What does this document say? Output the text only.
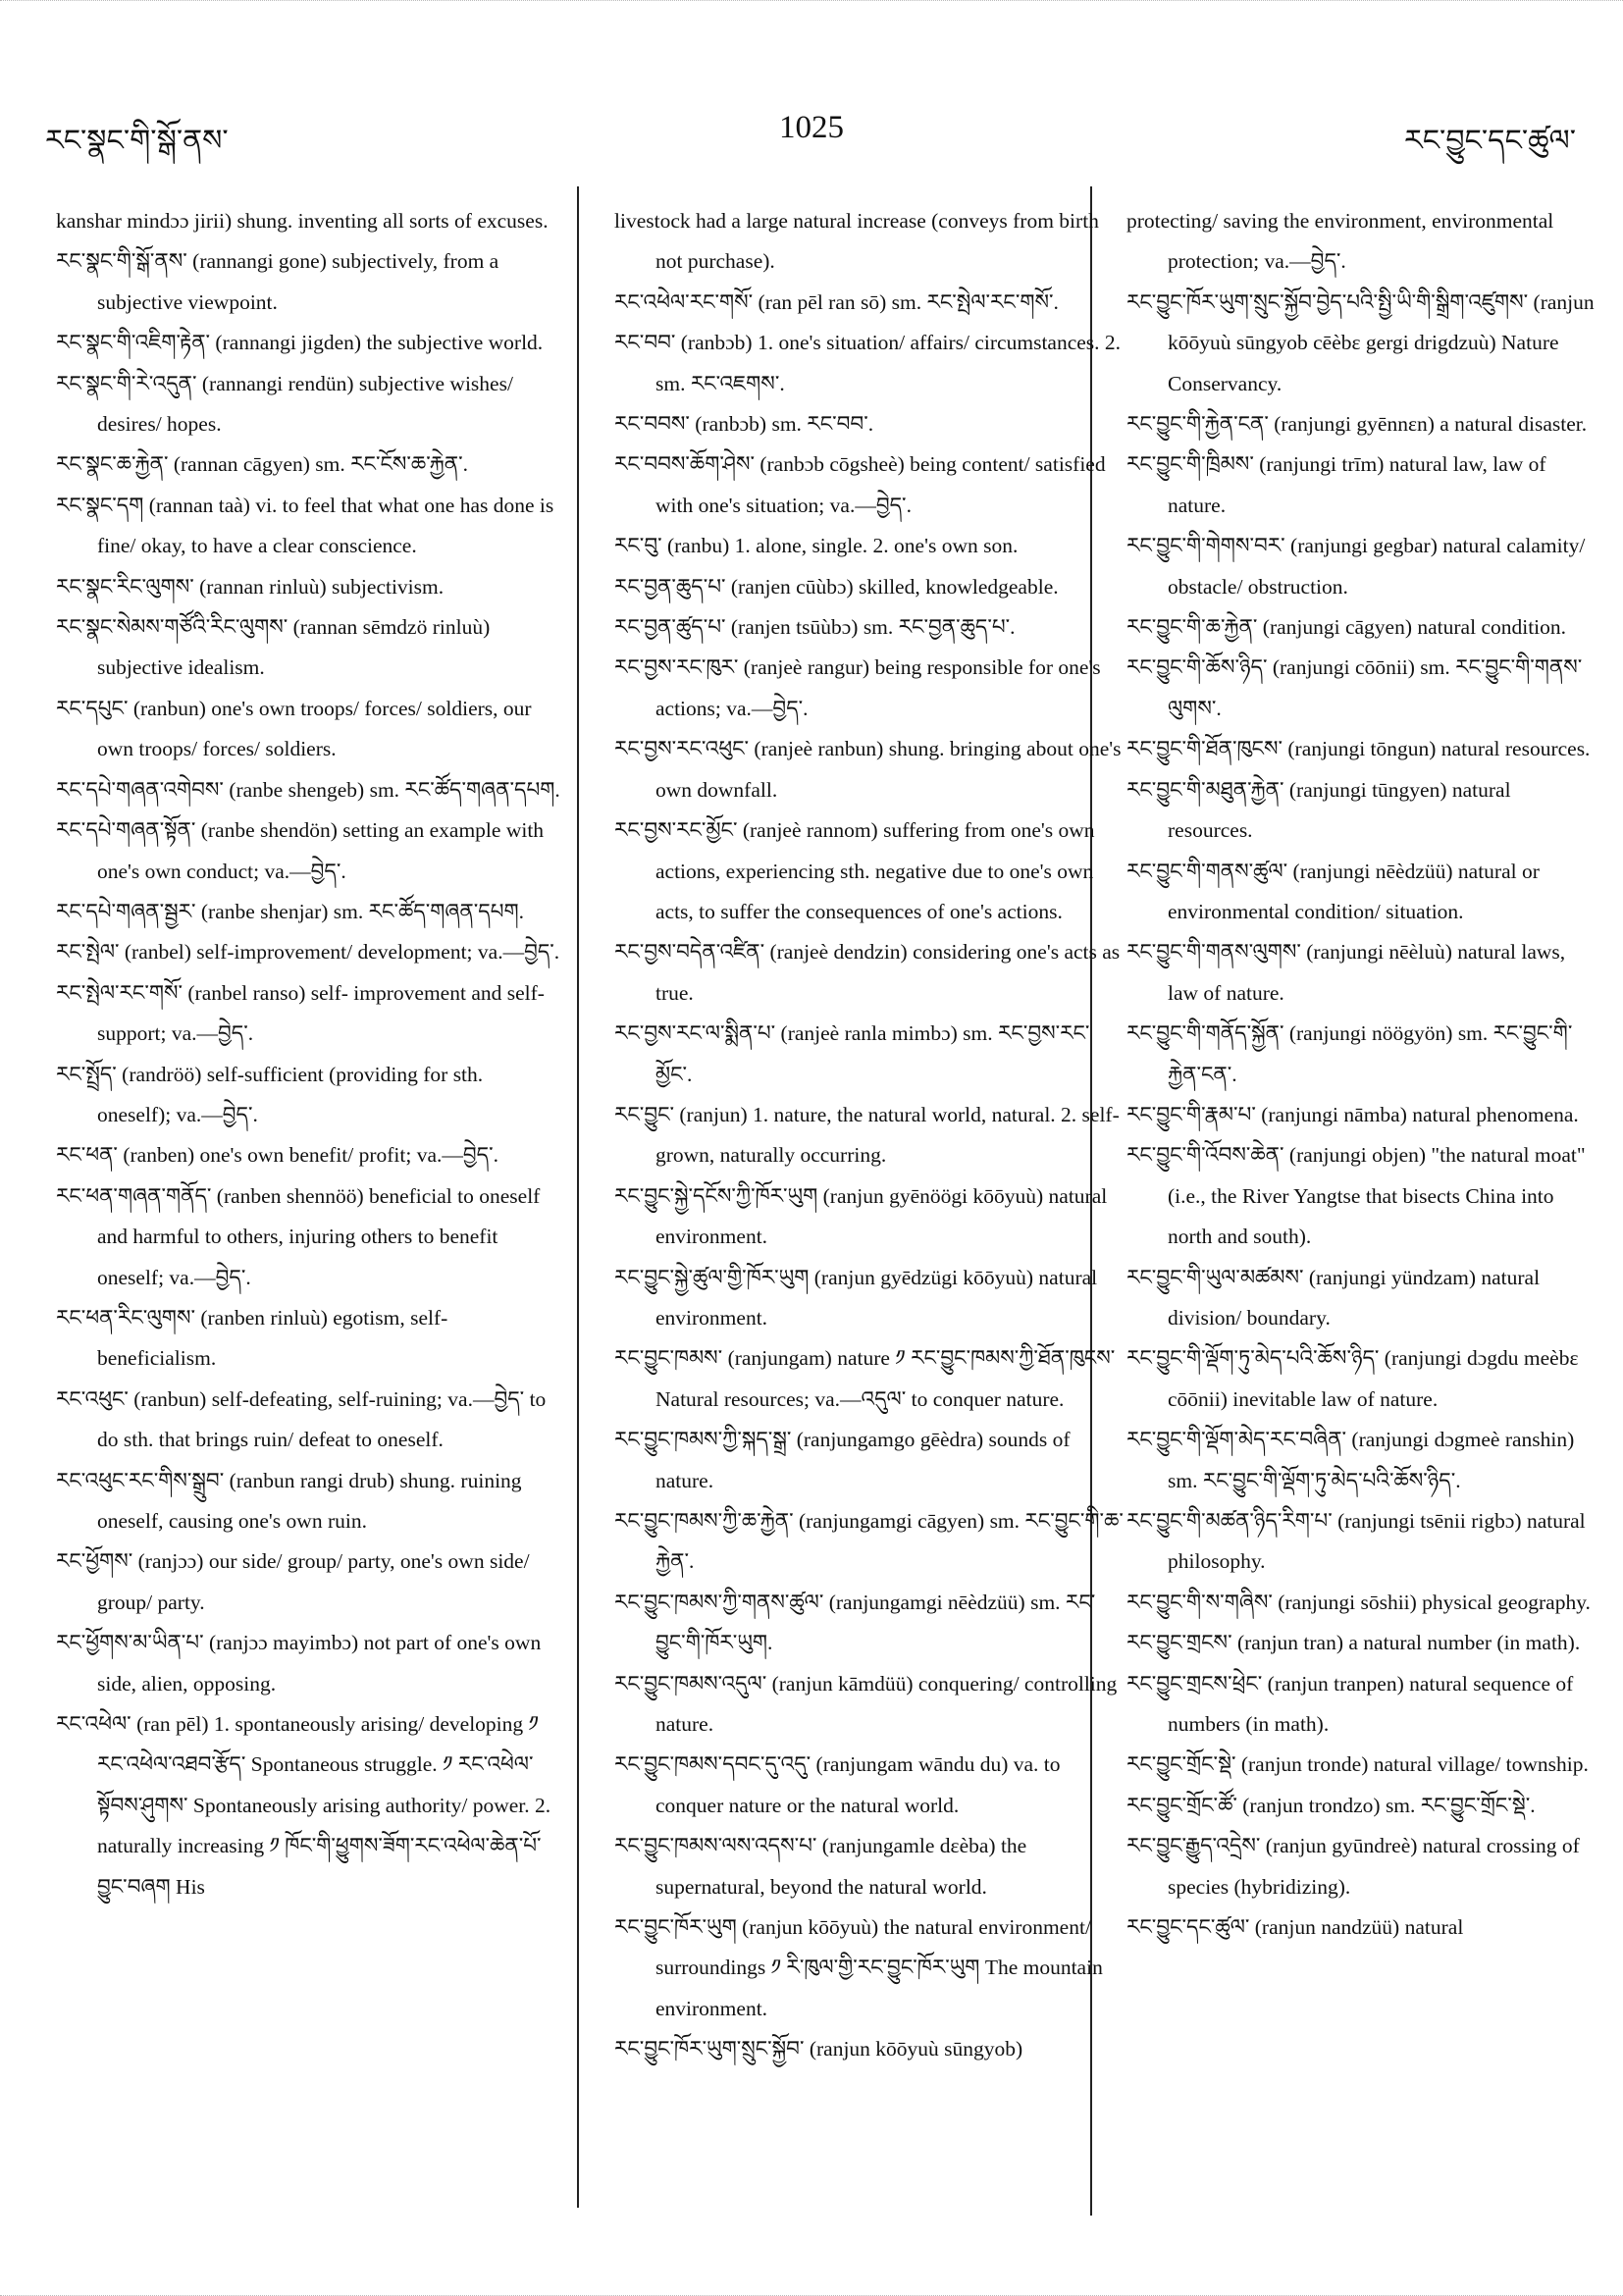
རང་སྣང་གི་སྒོ་ནས་	1025	རང་བྱུང་དང་ཚུལ་

kanshar mindɔɔ jirii) shung. inventing all sorts of excuses.

རང་སྣང་གི་སྒོ་ནས་ (rannangi gone) subjectively, from a subjective viewpoint.

རང་སྣང་གི་འཇིག་རྟེན་ (rannangi jigden) the subjective world.

རང་སྣང་གི་རེ་འདུན་ (rannangi rendün) subjective wishes/ desires/ hopes.

རང་སྣང་ཆ་རྐྱེན་ (rannan cāgyen) sm. རང་ངོས་ཆ་རྐྱེན་.

རང་སྣང་དག (rannan taà) vi. to feel that what one has done is fine/ okay, to have a clear conscience.

རང་སྣང་རིང་ལུགས་ (rannan rinluù) subjectivism.

རང་སྣང་སེམས་གཙོའི་རིང་ལུགས་ (rannan sēmdzö rinluù) subjective idealism.

རང་དཔུང་ (ranbun) one's own troops/ forces/ soldiers, our own troops/ forces/ soldiers.

རང་དཔེ་གཞན་འགེབས་ (ranbe shengeb) sm. རང་ཚོད་གཞན་དཔག.

རང་དཔེ་གཞན་སྟོན་ (ranbe shendön) setting an example with one's own conduct; va.—བྱེད་.

རང་དཔེ་གཞན་སྦྱར་ (ranbe shenjar) sm. རང་ཚོད་གཞན་དཔག.

རང་སྤེལ་ (ranbel) self-improvement/ development; va.—བྱེད་.

རང་སྤེལ་རང་གསོ་ (ranbel ranso) self- improvement and self-support; va.—བྱེད་.

རང་སྤྲོད་ (randröö) self-sufficient (providing for sth. oneself); va.—བྱེད་.

རང་ཕན་ (ranben) one's own benefit/ profit; va.—བྱེད་.

རང་ཕན་གཞན་གནོད་ (ranben shennöö) beneficial to oneself and harmful to others, injuring others to benefit oneself; va.—བྱེད་.

རང་ཕན་རིང་ལུགས་ (ranben rinluù) egotism, self-beneficialism.

རང་འཕུང་ (ranbun) self-defeating, self-ruining; va.—བྱེད་ to do sth. that brings ruin/ defeat to oneself.

རང་འཕུང་རང་གིས་སྒྲུབ་ (ranbun rangi drub) shung. ruining oneself, causing one's own ruin.

རང་ཕྱོགས་ (ranjɔɔ) our side/ group/ party, one's own side/ group/ party.

རང་ཕྱོགས་མ་ཡིན་པ་ (ranjɔɔ mayimbɔ) not part of one's own side, alien, opposing.

རང་འཕེལ་ (ran pēl) 1. spontaneously arising/ developing ༡ རང་འཕེལ་འཐབ་རྩོད་ Spontaneous struggle. ༡ རང་འཕེལ་སྟོབས་ཤུགས་ Spontaneously arising authority/ power. 2. naturally increasing ༡ ཁོང་གི་ཕྱུགས་ཟོག་རང་འཕེལ་ཆེན་པོ་བྱུང་བཞག His

livestock had a large natural increase (conveys from birth not purchase).

རང་འཕེལ་རང་གསོ་ (ran pēl ran sō) sm. རང་སྤེལ་རང་གསོ་.

རང་བབ་ (ranbɔb) 1. one's situation/ affairs/ circumstances. 2. sm. རང་འཇགས་.

རང་བབས་ (ranbɔb) sm. རང་བབ་.

རང་བབས་ཆོག་ཤེས་ (ranbɔb cōgsheè) being content/ satisfied with one's situation; va.—བྱེད་.

རང་བུ་ (ranbu) 1. alone, single. 2. one's own son.

རང་བྱན་ཆུད་པ་ (ranjen cūùbɔ) skilled, knowledgeable.

རང་བྱན་ཚུད་པ་ (ranjen tsūùbɔ) sm. རང་བྱན་ཆུད་པ་.

རང་བྱས་རང་ཁུར་ (ranjeè rangur) being responsible for one's actions; va.—བྱེད་.

རང་བྱས་རང་འཕུང་ (ranjeè ranbun) shung. bringing about one's own downfall.

རང་བྱས་རང་མྱོང་ (ranjeè rannom) suffering from one's own actions, experiencing sth. negative due to one's own acts, to suffer the consequences of one's actions.

རང་བྱས་བདེན་འཛིན་ (ranjeè dendzin) considering one's acts as true.

རང་བྱས་རང་ལ་སྨིན་པ་ (ranjeè ranla mimbɔ) sm. རང་བྱས་རང་མྱོང་.

རང་བྱུང་ (ranjun) 1. nature, the natural world, natural. 2. self-grown, naturally occurring.

རང་བྱུང་སྐྱེ་དངོས་ཀྱི་ཁོར་ཡུག (ranjun gyēnöögi kōōyuù) natural environment.

རང་བྱུང་སྐྱེ་ཚུལ་གྱི་ཁོར་ཡུག (ranjun gyēdzügi kōōyuù) natural environment.

རང་བྱུང་ཁམས་ (ranjungam) nature ༡ རང་བྱུང་ཁམས་ཀྱི་ཐོན་ཁུངས་ Natural resources; va.—འདུལ་ to conquer nature.

རང་བྱུང་ཁམས་ཀྱི་སྐད་སྒྲ་ (ranjungamgo gēèdra) sounds of nature.

རང་བྱུང་ཁམས་ཀྱི་ཆ་རྐྱེན་ (ranjungamgi cāgyen) sm. རང་བྱུང་གི་ཆ་རྐྱེན་.

རང་བྱུང་ཁམས་ཀྱི་གནས་ཚུལ་ (ranjungamgi nēèdzüü) sm. རང་བྱུང་གི་ཁོར་ཡུག.

རང་བྱུང་ཁམས་འདུལ་ (ranjun kāmdüü) conquering/ controlling nature.

རང་བྱུང་ཁམས་དབང་དུ་འདུ་ (ranjungam wāndu du) va. to conquer nature or the natural world.

རང་བྱུང་ཁམས་ལས་འདས་པ་ (ranjungamle dɛèba) the supernatural, beyond the natural world.

རང་བྱུང་ཁོར་ཡུག (ranjun kōōyuù) the natural environment/ surroundings ༡ རི་ཁུལ་གྱི་རང་བྱུང་ཁོར་ཡུག The mountain environment.

རང་བྱུང་ཁོར་ཡུག་སྲུང་སྐྱོབ་ (ranjun kōōyuù sūngyob)

protecting/ saving the environment, environmental protection; va.—བྱེད་.

རང་བྱུང་ཁོར་ཡུག་སྲུང་སྐྱོབ་བྱེད་པའི་སྤྱི་ཡི་གི་སྒྲིག་འཛུགས་ (ranjun kōōyuù sūngyob cēèbɛ gergi drigdzuù) Nature Conservancy.

རང་བྱུང་གི་རྐྱེན་ངན་ (ranjungi gyēnnɛn) a natural disaster.

རང་བྱུང་གི་ཁྲིམས་ (ranjungi trīm) natural law, law of nature.

རང་བྱུང་གི་གེགས་བར་ (ranjungi gegbar) natural calamity/ obstacle/ obstruction.

རང་བྱུང་གི་ཆ་རྐྱེན་ (ranjungi cāgyen) natural condition.

རང་བྱུང་གི་ཆོས་ཉིད་ (ranjungi cōōnii) sm. རང་བྱུང་གི་གནས་ལུགས་.

རང་བྱུང་གི་ཐོན་ཁུངས་ (ranjungi tōngun) natural resources.

རང་བྱུང་གི་མཐུན་རྐྱེན་ (ranjungi tūngyen) natural resources.

རང་བྱུང་གི་གནས་ཚུལ་ (ranjungi nēèdzüü) natural or environmental condition/ situation.

རང་བྱུང་གི་གནས་ལུགས་ (ranjungi nēèluù) natural laws, law of nature.

རང་བྱུང་གི་གནོད་སྐྱོན་ (ranjungi nöögyön) sm. རང་བྱུང་གི་རྐྱེན་ངན་.

རང་བྱུང་གི་རྣམ་པ་ (ranjungi nāmba) natural phenomena.

རང་བྱུང་གི་འོབས་ཆེན་ (ranjungi objen) "the natural moat" (i.e., the River Yangtse that bisects China into north and south).

རང་བྱུང་གི་ཡུལ་མཚམས་ (ranjungi yündzam) natural division/ boundary.

རང་བྱུང་གི་ལྡོག་ཏུ་མེད་པའི་ཆོས་ཉིད་ (ranjungi dɔgdu meèbɛ cōōnii) inevitable law of nature.

རང་བྱུང་གི་ལྡོག་མེད་རང་བཞིན་ (ranjungi dɔgmeè ranshin) sm. རང་བྱུང་གི་ལྡོག་ཏུ་མེད་པའི་ཆོས་ཉིད་.

རང་བྱུང་གི་མཚན་ཉིད་རིག་པ་ (ranjungi tsēnii rigbɔ) natural philosophy.

རང་བྱུང་གི་ས་གཞིས་ (ranjungi sōshii) physical geography.

རང་བྱུང་གྲངས་ (ranjun tran) a natural number (in math).

རང་བྱུང་གྲངས་ཕྲེང་ (ranjun tranpen) natural sequence of numbers (in math).

རང་བྱུང་གྲོང་སྡེ་ (ranjun tronde) natural village/ township.

རང་བྱུང་གྲོང་ཚོ་ (ranjun trondzo) sm. རང་བྱུང་གྲོང་སྡེ་.

རང་བྱུང་རྒྱུད་འདྲེས་ (ranjun gyūndreè) natural crossing of species (hybridizing).

རང་བྱུང་དང་ཚུལ་ (ranjun nandzüü) natural
